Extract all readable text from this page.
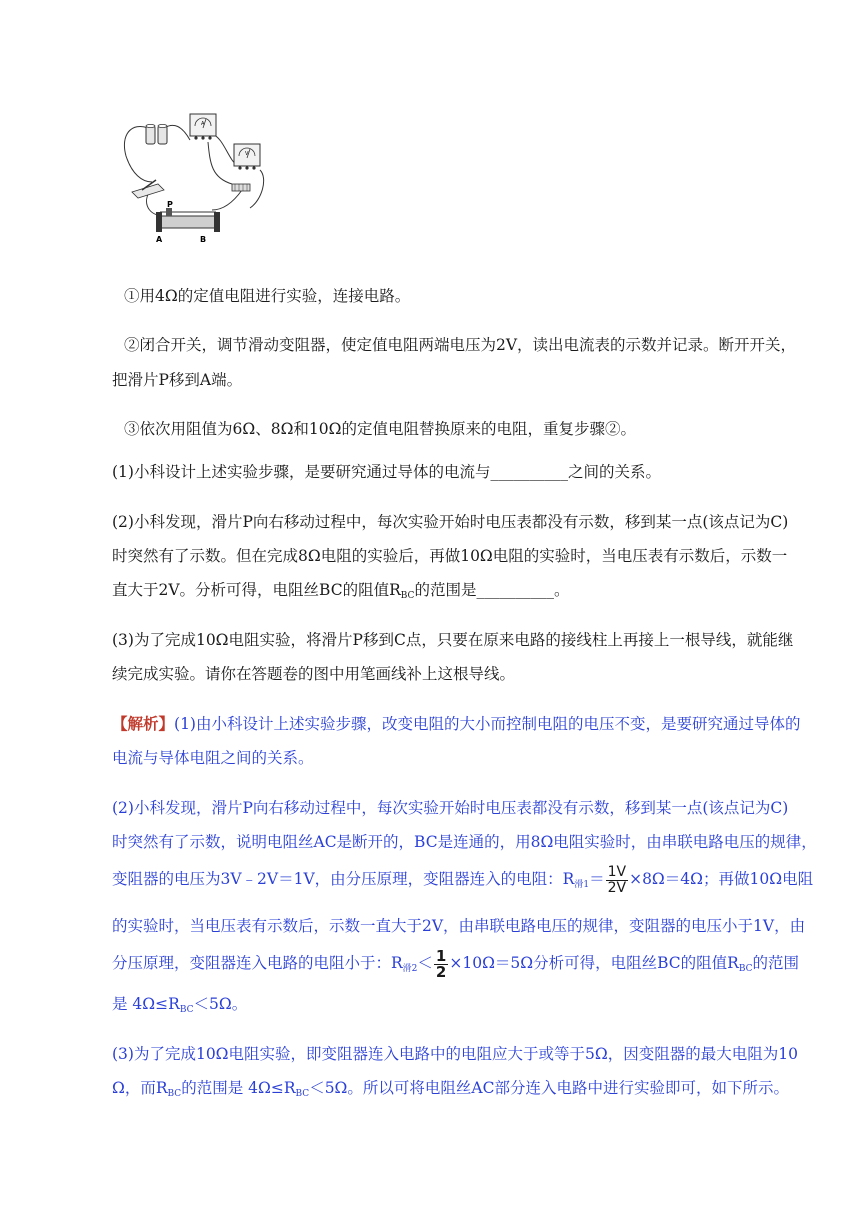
A
V
P
A	B
①用4Ω的定值电阻进行实验，连接电路。
②闭合开关，调节滑动变阻器，使定值电阻两端电压为2V，读出电流表的示数并记录。断开开关，
把滑片P移到A端。
③依次用阻值为6Ω、8Ω和10Ω的定值电阻替换原来的电阻，重复步骤②。
(1)小科设计上述实验步骤，是要研究通过导体的电流与__________之间的关系。
(2)小科发现，滑片P向右移动过程中，每次实验开始时电压表都没有示数，移到某一点(该点记为C)
时突然有了示数。但在完成8Ω电阻的实验后，再做10Ω电阻的实验时，当电压表有示数后，示数一
直大于2V。分析可得，电阻丝BC的阻值$R_{BC}$的范围是__________。
(3)为了完成10Ω电阻实验，将滑片P移到C点，只要在原来电路的接线柱上再接上一根导线，就能继
续完成实验。请你在答题卷的图中用笔画线补上这根导线。
【解析】(1)由小科设计上述实验步骤，改变电阻的大小而控制电阻的电压不变，是要研究通过导体的
电流与导体电阻之间的关系。
(2)小科发现，滑片P向右移动过程中，每次实验开始时电压表都没有示数，移到某一点(该点记为C)
时突然有了示数，说明电阻丝AC是断开的，BC是连通的，用8Ω电阻实验时，由串联电路电压的规律，
变阻器的电压为3V﹣2V＝1V，由分压原理，变阻器连入的电阻：$R_{滑1}= \frac{1V}{2V} \times 8\Omega=4\Omega$；再做10Ω电阻
的实验时，当电压表有示数后，示数一直大于2V，由串联电路电压的规律，变阻器的电压小于1V，由
分压原理，变阻器连入电路的电阻小于：$R_{滑2}< \frac{1}{2} \times 10\Omega=5\Omega$分析可得，电阻丝BC的阻值$R_{BC}$的范围
是 $4\Omega\le R_{BC}<5\Omega$。
(3)为了完成10Ω电阻实验，即变阻器连入电路中的电阻应大于或等于5Ω，因变阻器的最大电阻为10
Ω，而$R_{BC}$的范围是 $4\Omega\le R_{BC}<5\Omega$。所以可将电阻丝AC部分连入电路中进行实验即可，如下所示。
